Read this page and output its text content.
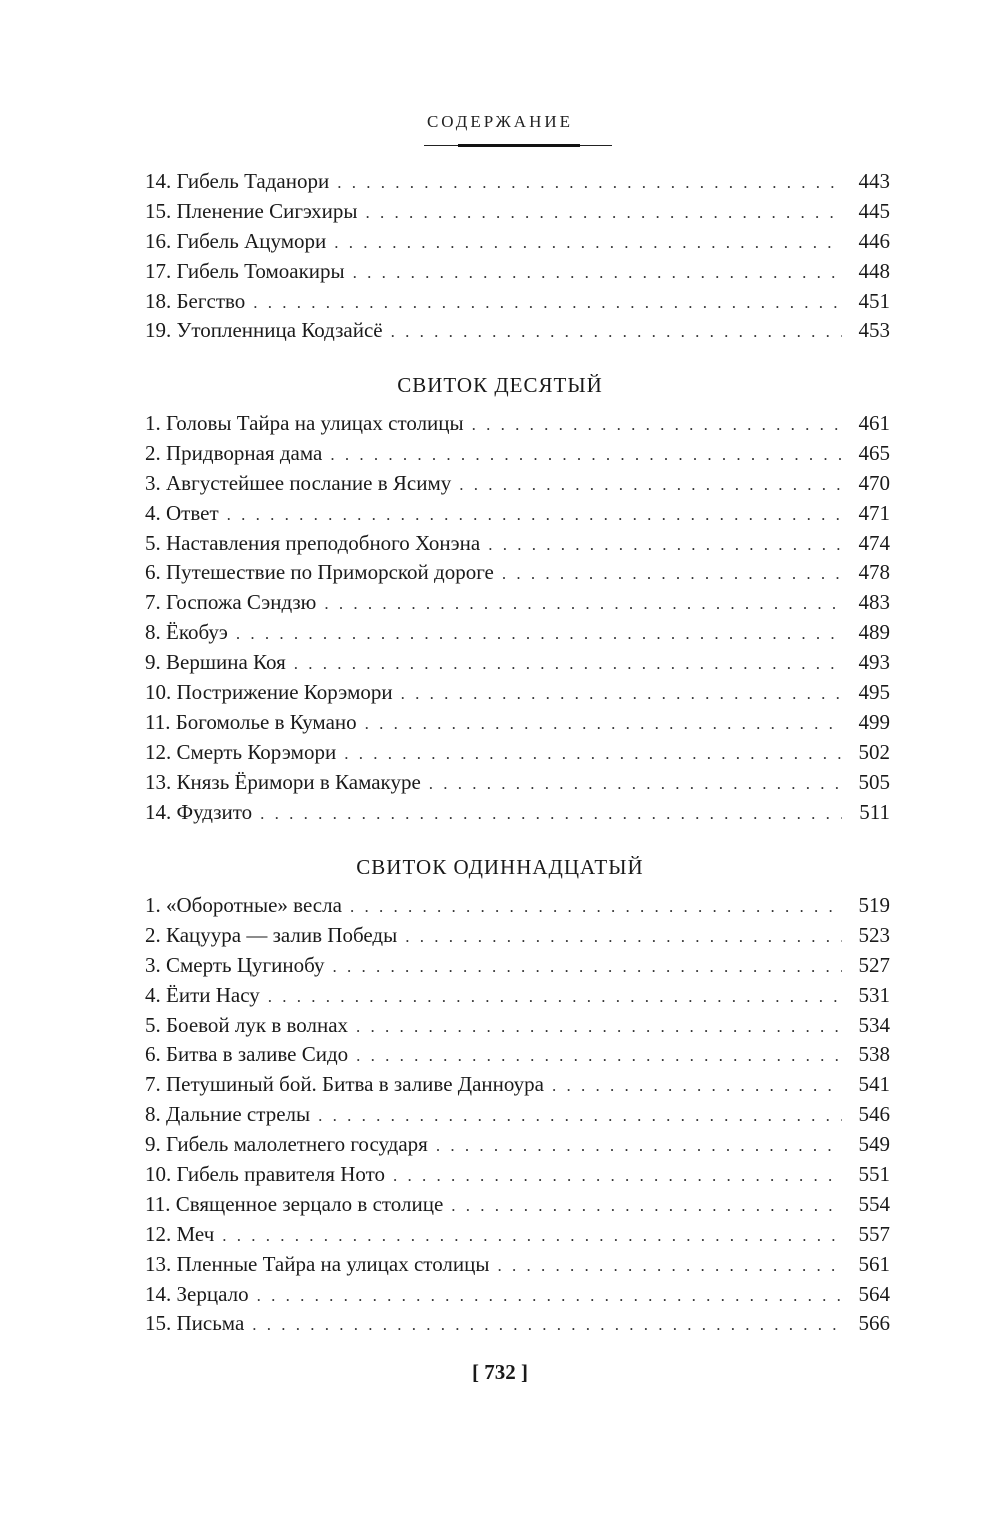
СОДЕРЖАНИЕ
14. Гибель Таданори . . .	443
15. Пленение Сигэхиры . . .	445
16. Гибель Ацумори . . .	446
17. Гибель Томоакиры . . .	448
18. Бегство . . .	451
19. Утопленница Кодзайсё . . .	453
СВИТОК ДЕСЯТЫЙ
1. Головы Тайра на улицах столицы . . .	461
2. Придворная дама . . .	465
3. Августейшее послание в Ясиму . . .	470
4. Ответ . . .	471
5. Наставления преподобного Хонэна . . .	474
6. Путешествие по Приморской дороге . . .	478
7. Госпожа Сэндзю . . .	483
8. Ёкобуэ . . .	489
9. Вершина Коя . . .	493
10. Пострижение Корэмори . . .	495
11. Богомолье в Кумано . . .	499
12. Смерть Корэмори . . .	502
13. Князь Ёримори в Камакуре . . .	505
14. Фудзито . . .	511
СВИТОК ОДИННАДЦАТЫЙ
1. «Оборотные» весла . . .	519
2. Кацуура — залив Победы . . .	523
3. Смерть Цугинобу . . .	527
4. Ёити Насу . . .	531
5. Боевой лук в волнах . . .	534
6. Битва в заливе Сидо . . .	538
7. Петушиный бой. Битва в заливе Данноура . . .	541
8. Дальние стрелы . . .	546
9. Гибель малолетнего государя . . .	549
10. Гибель правителя Ното . . .	551
11. Священное зерцало в столице . . .	554
12. Меч . . .	557
13. Пленные Тайра на улицах столицы . . .	561
14. Зерцало . . .	564
15. Письма . . .	566
[ 732 ]
